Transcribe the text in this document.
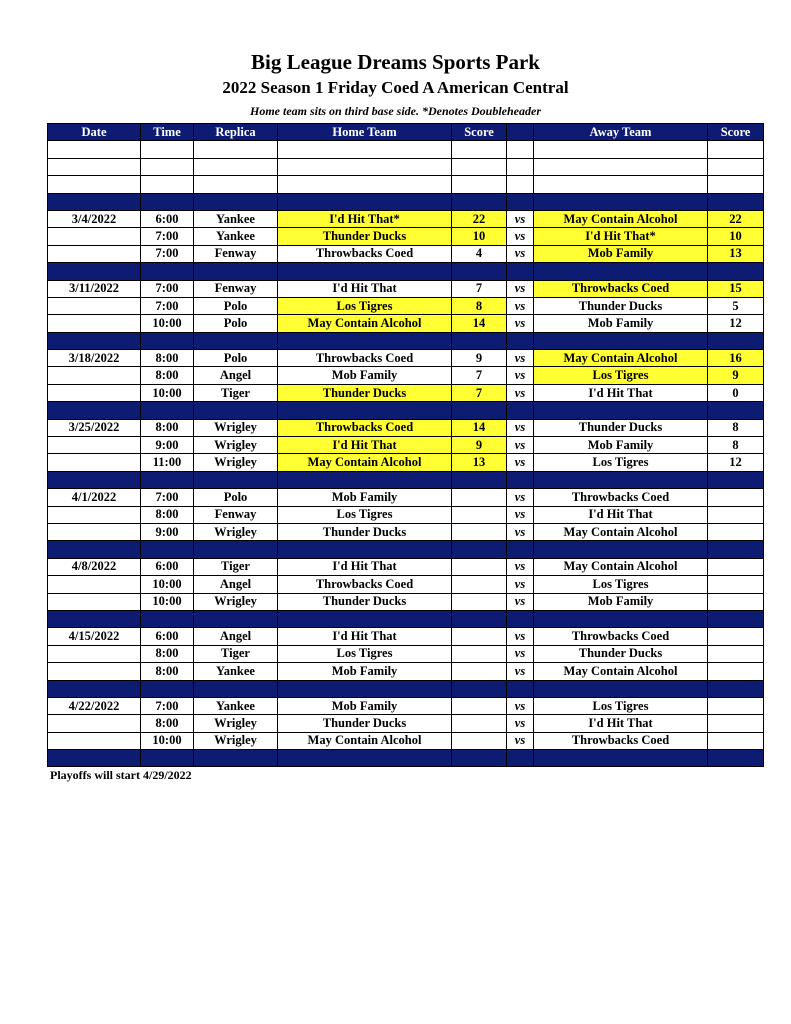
Big League Dreams Sports Park
2022 Season 1 Friday Coed A American Central
Home team sits on third base side. *Denotes Doubleheader
Date	Time	Replica	Home Team	Score		Away Team	Score

3/4/2022	6:00	Yankee	I'd Hit That*	22	vs	May Contain Alcohol	22
	7:00	Yankee	Thunder Ducks	10	vs	I'd Hit That*	10
	7:00	Fenway	Throwbacks Coed	4	vs	Mob Family	13

3/11/2022	7:00	Fenway	I'd Hit That	7	vs	Throwbacks Coed	15
	7:00	Polo	Los Tigres	8	vs	Thunder Ducks	5
	10:00	Polo	May Contain Alcohol	14	vs	Mob Family	12

3/18/2022	8:00	Polo	Throwbacks Coed	9	vs	May Contain Alcohol	16
	8:00	Angel	Mob Family	7	vs	Los Tigres	9
	10:00	Tiger	Thunder Ducks	7	vs	I'd Hit That	0

3/25/2022	8:00	Wrigley	Throwbacks Coed	14	vs	Thunder Ducks	8
	9:00	Wrigley	I'd Hit That	9	vs	Mob Family	8
	11:00	Wrigley	May Contain Alcohol	13	vs	Los Tigres	12

4/1/2022	7:00	Polo	Mob Family		vs	Throwbacks Coed	
	8:00	Fenway	Los Tigres		vs	I'd Hit That	
	9:00	Wrigley	Thunder Ducks		vs	May Contain Alcohol	

4/8/2022	6:00	Tiger	I'd Hit That		vs	May Contain Alcohol	
	10:00	Angel	Throwbacks Coed		vs	Los Tigres	
	10:00	Wrigley	Thunder Ducks		vs	Mob Family	

4/15/2022	6:00	Angel	I'd Hit That		vs	Throwbacks Coed	
	8:00	Tiger	Los Tigres		vs	Thunder Ducks	
	8:00	Yankee	Mob Family		vs	May Contain Alcohol	

4/22/2022	7:00	Yankee	Mob Family		vs	Los Tigres	
	8:00	Wrigley	Thunder Ducks		vs	I'd Hit That	
	10:00	Wrigley	May Contain Alcohol		vs	Throwbacks Coed	

Playoffs will start 4/29/2022
